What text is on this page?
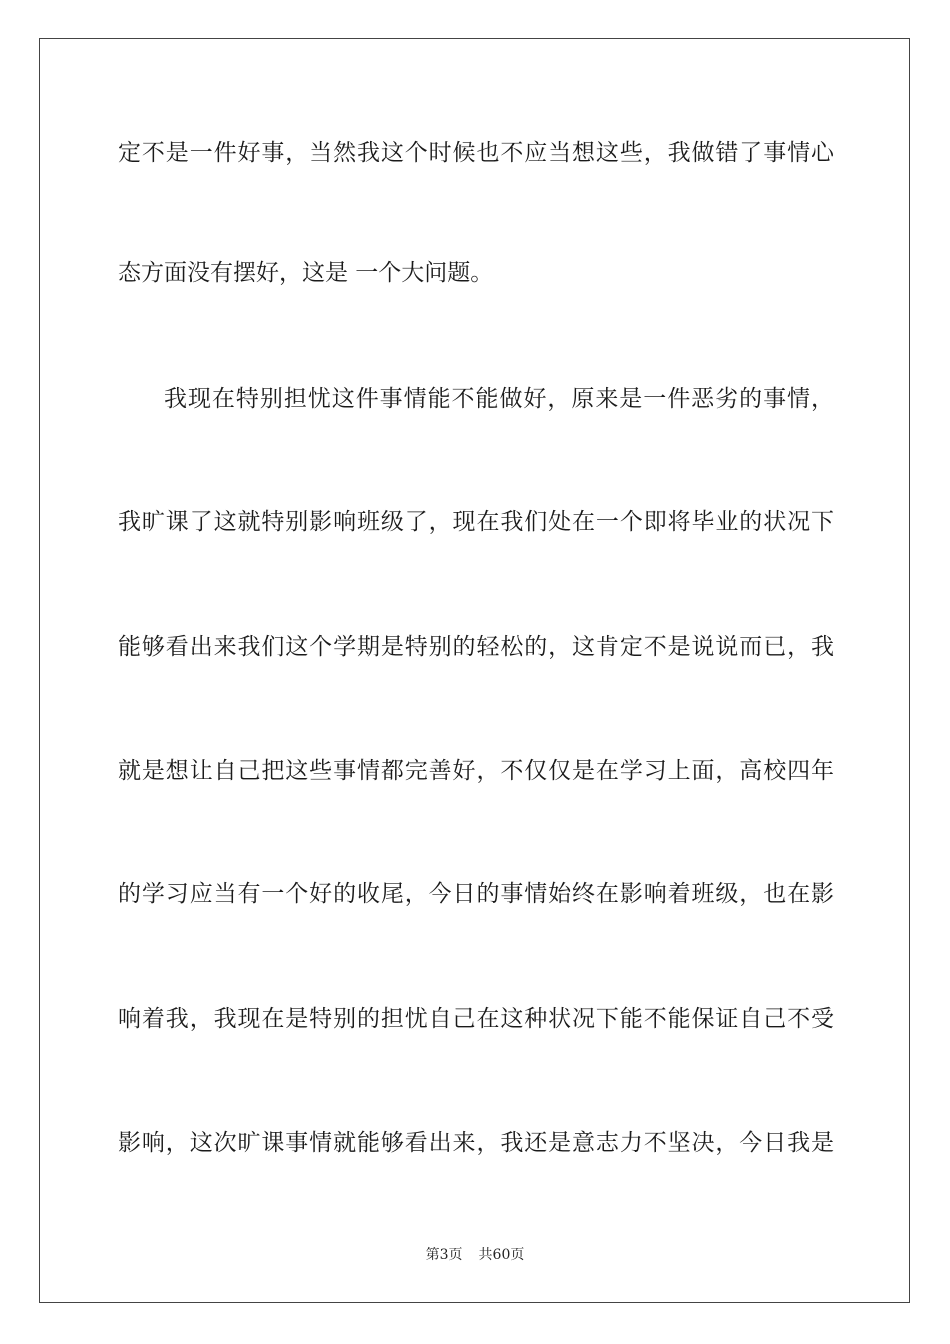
定不是一件好事，当然我这个时候也不应当想这些，我做错了事情心

态方面没有摆好，这是 一个大问题。

我现在特别担忧这件事情能不能做好，原来是一件恶劣的事情，

我旷课了这就特别影响班级了，现在我们处在一个即将毕业的状况下

能够看出来我们这个学期是特别的轻松的，这肯定不是说说而已，我

就是想让自己把这些事情都完善好，不仅仅是在学习上面，高校四年

的学习应当有一个好的收尾，今日的事情始终在影响着班级，也在影

响着我，我现在是特别的担忧自己在这种状况下能不能保证自己不受

影响，这次旷课事情就能够看出来，我还是意志力不坚决，今日我是

第3页 共60页
